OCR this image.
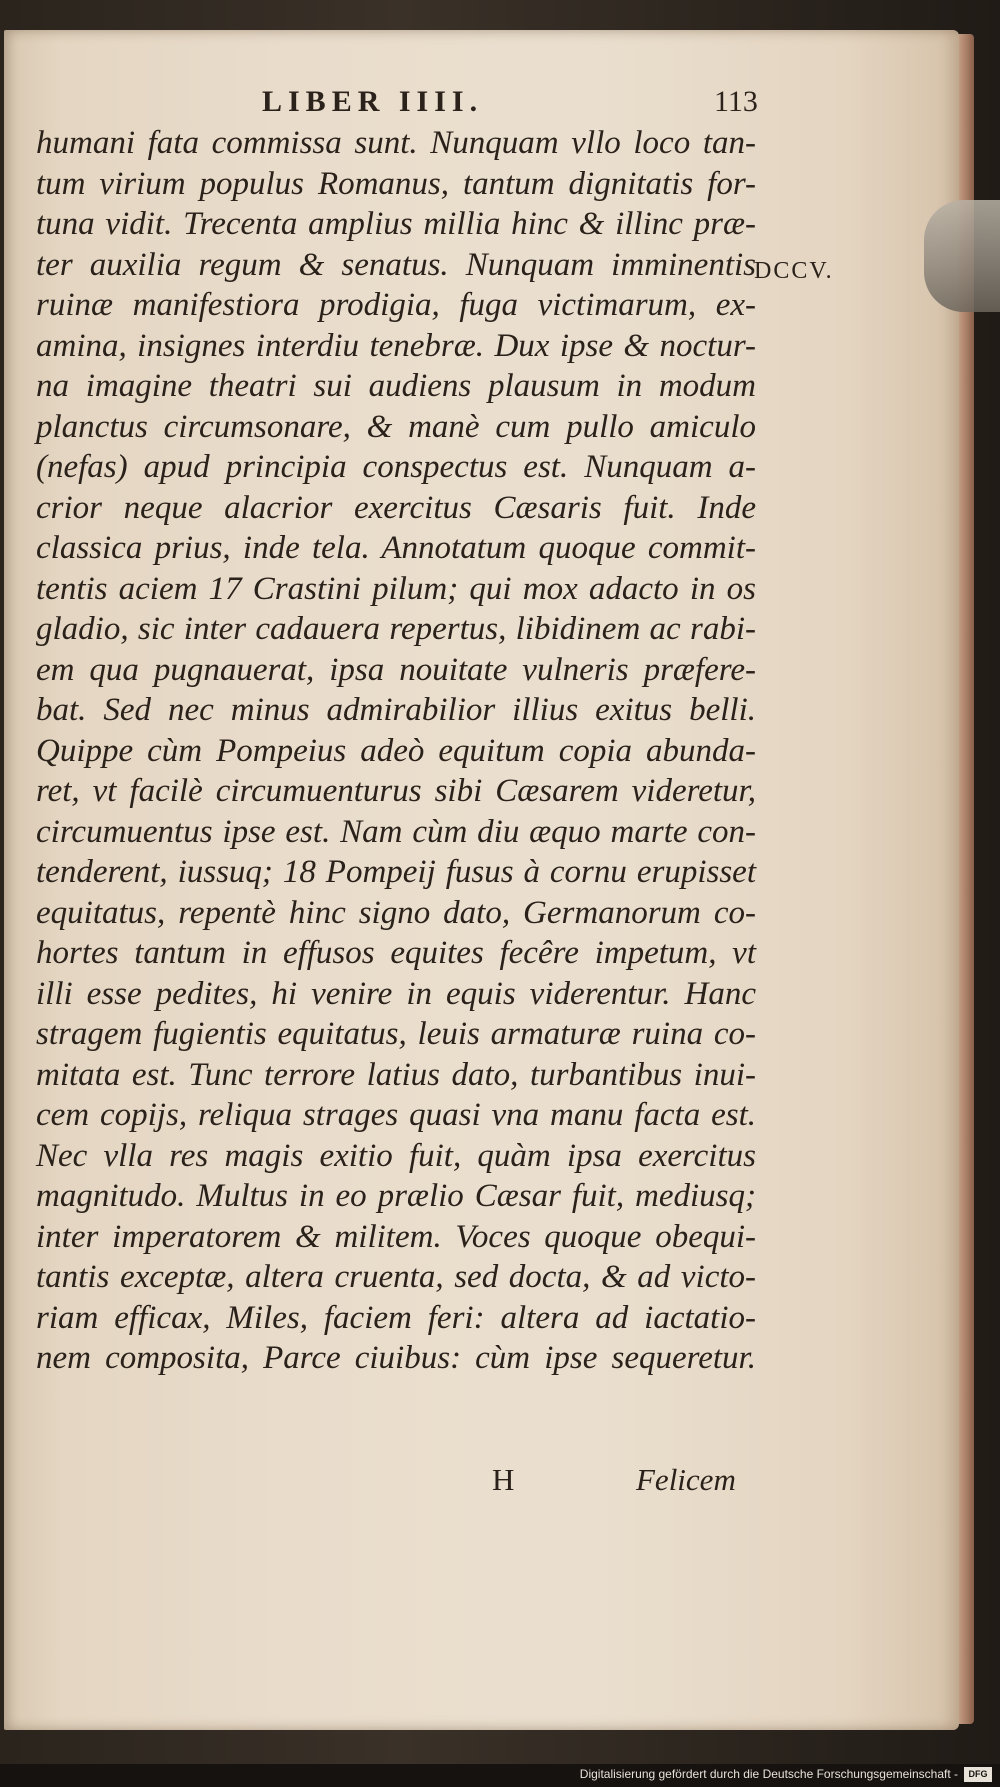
LIBER IIII.	113
DCCV.
humani fata commissa sunt. Nunquam vllo loco tan-
tum virium populus Romanus, tantum dignitatis for-
tuna vidit. Trecenta amplius millia hinc & illinc præ-
ter auxilia regum & senatus. Nunquam imminentis
ruinæ manifestiora prodigia, fuga victimarum, ex-
amina, insignes interdiu tenebræ. Dux ipse & noctur-
na imagine theatri sui audiens plausum in modum
planctus circumsonare, & manè cum pullo amiculo
(nefas) apud principia conspectus est. Nunquam a-
crior neque alacrior exercitus Cæsaris fuit. Inde
classica prius, inde tela. Annotatum quoque commit-
tentis aciem 17 Crastini pilum; qui mox adacto in os
gladio, sic inter cadauera repertus, libidinem ac rabi-
em qua pugnauerat, ipsa nouitate vulneris præfere-
bat. Sed nec minus admirabilior illius exitus belli.
Quippe cùm Pompeius adeò equitum copia abunda-
ret, vt facilè circumuenturus sibi Cæsarem videretur,
circumuentus ipse est. Nam cùm diu æquo marte con-
tenderent, iussuq; 18 Pompeij fusus à cornu erupisset
equitatus, repentè hinc signo dato, Germanorum co-
hortes tantum in effusos equites fecêre impetum, vt
illi esse pedites, hi venire in equis viderentur. Hanc
stragem fugientis equitatus, leuis armaturæ ruina co-
mitata est. Tunc terrore latius dato, turbantibus inui-
cem copijs, reliqua strages quasi vna manu facta est.
Nec vlla res magis exitio fuit, quàm ipsa exercitus
magnitudo. Multus in eo prælio Cæsar fuit, mediusq;
inter imperatorem & militem. Voces quoque obequi-
tantis exceptæ, altera cruenta, sed docta, & ad victo-
riam efficax, Miles, faciem feri: altera ad iactatio-
nem composita, Parce ciuibus: cùm ipse sequeretur.
H	Felicem
Digitalisierung gefördert durch die Deutsche Forschungsgemeinschaft -	DFG
